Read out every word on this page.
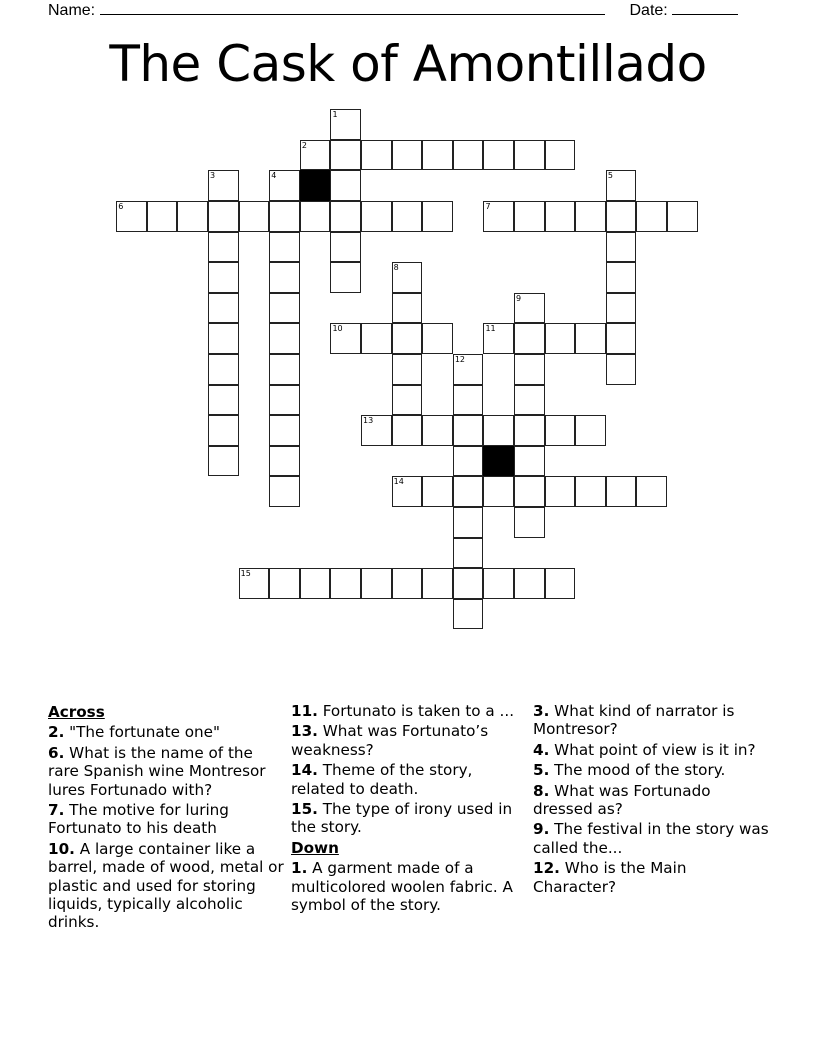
Name:	Date:
The Cask of Amontillado
1
2
3	4	5
6	7
8
9
10	11
12
13
14
15
Across
2. "The fortunate one"
6. What is the name of the rare Spanish wine Montresor lures Fortunado with?
7. The motive for luring Fortunato to his death
10. A large container like a barrel, made of wood, metal or plastic and used for storing liquids, typically alcoholic drinks.
11. Fortunato is taken to a ...
13. What was Fortunato’s weakness?
14. Theme of the story, related to death.
15. The type of irony used in the story.
Down
1. A garment made of a multicolored woolen fabric. A symbol of the story.
3. What kind of narrator is Montresor?
4. What point of view is it in?
5. The mood of the story.
8. What was Fortunado dressed as?
9. The festival in the story was called the...
12. Who is the Main Character?
